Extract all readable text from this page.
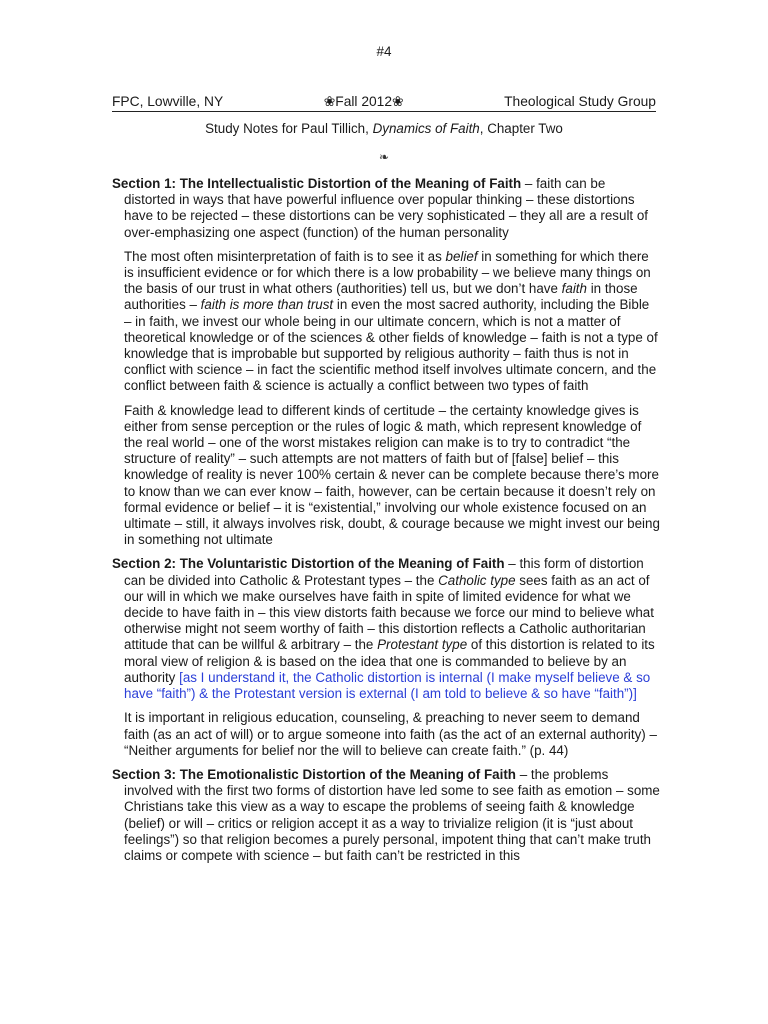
#4
FPC, Lowville, NY	❀Fall 2012❀	Theological Study Group
Study Notes for Paul Tillich, Dynamics of Faith, Chapter Two
❧

Section 1: The Intellectualistic Distortion of the Meaning of Faith – faith can be distorted in ways that have powerful influence over popular thinking – these distortions have to be rejected – these distortions can be very sophisticated – they all are a result of over-emphasizing one aspect (function) of the human personality

The most often misinterpretation of faith is to see it as belief in something for which there is insufficient evidence or for which there is a low probability – we believe many things on the basis of our trust in what others (authorities) tell us, but we don’t have faith in those authorities – faith is more than trust in even the most sacred authority, including the Bible – in faith, we invest our whole being in our ultimate concern, which is not a matter of theoretical knowledge or of the sciences & other fields of knowledge – faith is not a type of knowledge that is improbable but supported by religious authority – faith thus is not in conflict with science – in fact the scientific method itself involves ultimate concern, and the conflict between faith & science is actually a conflict between two types of faith

Faith & knowledge lead to different kinds of certitude – the certainty knowledge gives is either from sense perception or the rules of logic & math, which represent knowledge of the real world – one of the worst mistakes religion can make is to try to contradict “the structure of reality” – such attempts are not matters of faith but of [false] belief – this knowledge of reality is never 100% certain & never can be complete because there’s more to know than we can ever know – faith, however, can be certain because it doesn’t rely on formal evidence or belief – it is “existential,” involving our whole existence focused on an ultimate – still, it always involves risk, doubt, & courage because we might invest our being in something not ultimate

Section 2: The Voluntaristic Distortion of the Meaning of Faith – this form of distortion can be divided into Catholic & Protestant types – the Catholic type sees faith as an act of our will in which we make ourselves have faith in spite of limited evidence for what we decide to have faith in – this view distorts faith because we force our mind to believe what otherwise might not seem worthy of faith – this distortion reflects a Catholic authoritarian attitude that can be willful & arbitrary – the Protestant type of this distortion is related to its moral view of religion & is based on the idea that one is commanded to believe by an authority [as I understand it, the Catholic distortion is internal (I make myself believe & so have “faith”) & the Protestant version is external (I am told to believe & so have “faith”)]

It is important in religious education, counseling, & preaching to never seem to demand faith (as an act of will) or to argue someone into faith (as the act of an external authority) – “Neither arguments for belief nor the will to believe can create faith.” (p. 44)

Section 3: The Emotionalistic Distortion of the Meaning of Faith – the problems involved with the first two forms of distortion have led some to see faith as emotion – some Christians take this view as a way to escape the problems of seeing faith & knowledge (belief) or will – critics or religion accept it as a way to trivialize religion (it is “just about feelings”) so that religion becomes a purely personal, impotent thing that can’t make truth claims or compete with science – but faith can’t be restricted in this
